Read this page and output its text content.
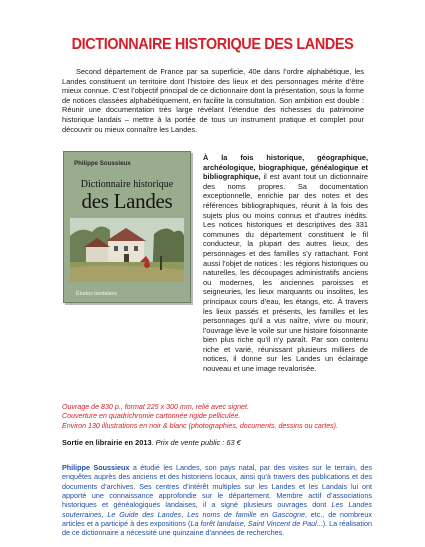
DICTIONNAIRE HISTORIQUE DES LANDES

Second département de France par sa superficie, 40e dans l’ordre alphabétique, les Landes constituent un territoire dont l’histoire des lieux et des personnages mérite d’être mieux connue. C’est l’objectif principal de ce dictionnaire dont la présentation, sous la forme de notices classées alphabétiquement, en facilite la consultation. Son ambition est double : Réunir une documentation très large révélant l’étendue des richesses du patrimoine historique landais – mettre à la portée de tous un instrument pratique et complet pour découvrir ou mieux connaître les Landes.

Philippe Soussieux
Dictionnaire historique
des Landes
Études landaises

À la fois historique, géographique, archéologique, biographique, généalogique et bibliographique, il est avant tout un dictionnaire des noms propres. Sa documentation exceptionnelle, enrichie par des notes et des références bibliographiques, réunit à la fois des sujets plus ou moins connus et d’autres inédits. Les notices historiques et descriptives des 331 communes du département constituent le fil conducteur, la plupart des autres lieux, des personnages et des familles s’y rattachant. Font aussi l’objet de notices : les régions historiques ou naturelles, les découpages administratifs anciens ou modernes, les anciennes paroisses et seigneuries, les lieux marquants ou insolites, les principaux cours d’eau, les étangs, etc. À travers les lieux passés et présents, les familles et les personnages qu’il a vus naître, vivre ou mourir, l’ouvrage lève le voile sur une histoire foisonnante bien plus riche qu’il n’y paraît. Par son contenu riche et varié, réunissant plusieurs milliers de notices, il donne sur les Landes un éclairage nouveau et une image revalorisée.

Ouvrage de 830 p., format 225 x 300 mm, relié avec signet.
Couverture en quadrichromie cartonnée rigide pelliculée.
Environ 130 illustrations en noir & blanc (photographies, documents, dessins ou cartes).

Sortie en librairie en 2013. Prix de vente public : 63 €

Philippe Soussieux a étudié les Landes, son pays natal, par des visites sur le terrain, des enquêtes auprès des anciens et des historiens locaux, ainsi qu’à travers des publications et des documents d’archives. Ses centres d’intérêt multiples sur les Landes et les Landais lui ont apporté une connaissance approfondie sur le département. Membre actif d’associations historiques et généalogiques landaises, il a signé plusieurs ouvrages dont Les Landes souterraines, Le Guide des Landes, Les noms de famille en Gascogne, etc., de nombreux articles et a participé à des expositions (La forêt landaise, Saint Vincent de Paul...). La réalisation de ce dictionnaire a nécessité une quinzaine d’années de recherches.
